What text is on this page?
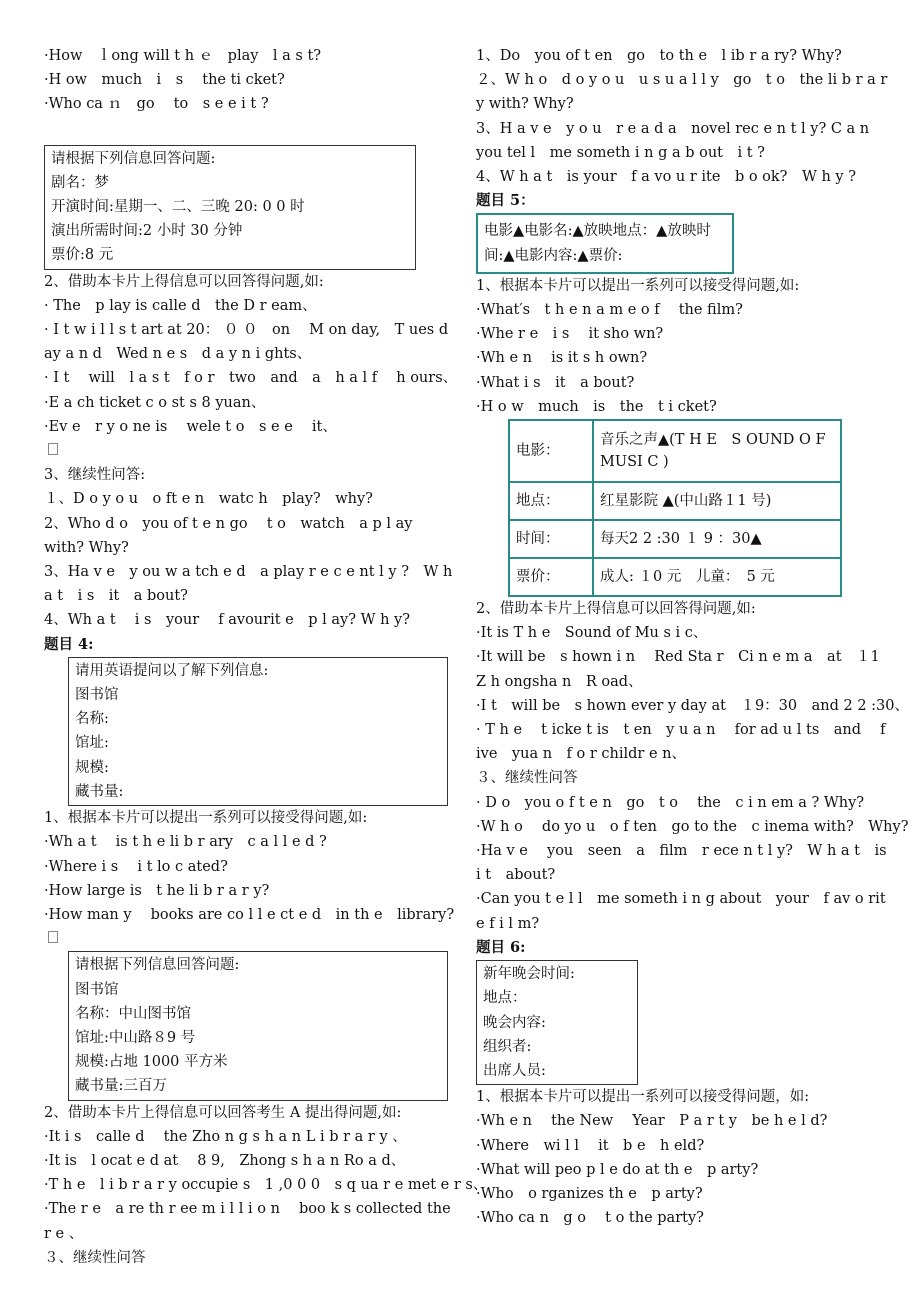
·How　ｌong will t h ｅ　play　l a s t?
·H ow　much　i　s　 the ti cket?
·Who ca ｎ　go　 to　s e e i t ?
请根据下列信息回答问题:
剧名：梦
开演时间:星期一、二、三晚 20: 0 0 时
演出所需时间:2 小时 30 分钟
票价:8 元
2、借助本卡片上得信息可以回答得问题,如:
· The　p lay is calle d　the D r eam、
· I t w i l l s t art at 20： ０ ０　on　 M on day,　T ues d ay a n d　Wed n e s　d a y n i ghts、
· I t　 will　l a s t　f o r　two　and　a　h a l f　 h ours、
·E a ch ticket c o st s 8 yuan、
·Ev e　r y o ne is　 wele t o　s e e　 it、
3、继续性问答:
１、D o y o u　o ft e n　watc h　play?　why?
2、Who d o　you of t e n go　 t o　watch　a p l ay with? Why?
3、Ha v e　y ou w a tch e d　a play r e c e nt l y ?　W h a t　i s　it　a bout?
4、Wh a t　 i s　your　 f avourit e　p l ay? W h y?
题目 4:
请用英语提问以了解下列信息:
图书馆
名称:
馆址:
规模:
藏书量:
1、根据本卡片可以提出一系列可以接受得问题,如:
·Wh a t　 is t h e li b r ary　c a l l e d ?
·Where i s　 i t lo c ated?
·How large is　t he li b r a r y?
·How man y　 books are co l l e ct e d　in th e　library?
请根据下列信息回答问题:
图书馆
名称：中山图书馆
馆址:中山路８9 号
规模:占地 1000 平方米
藏书量:三百万
2、借助本卡片上得信息可以回答考生 A 提出得问题,如:
·It i s　calle d　 the Zho n g s h a n L i b r a r y 、
·It is　l ocat e d at　 8 9,　Zhong s h a n Ro a d、
·T h e　l i b r a r y occupie s　1 ,0 0 0　s q ua r e met e r s、
·The r e　a re th r ee m i l l i o n　 boo k s collected the r e 、
３、继续性问答
1、Do　you of t en　go　to th e　l ib r a ry? Why?
２、W h o　d o y o u　u s u a l l y　go　t o　the li b r a r y with? Why?
3、H a v e　y o u　r e a d a　novel rec e n t l y? C a n you tel l　me someth i n g a b out　i t ?
4、W h a t　is your　f a vo u r ite　b o ok?　W h y ?
题目 5：
电影▲电影名:▲放映地点：▲放映时间:▲电影内容:▲票价:
1、根据本卡片可以提出一系列可以接受得问题,如:
·What′s　t h e n a m e o f　 the film?
·Whe r e　i s　 it sho wn?
·Wh e n　 is it s h own?
·What i s　it　a bout?
·H o w　much　is　the　t i cket?
电影：	音乐之声▲(T H E　S OUND O F MUSI C )
地点：	红星影院 ▲(中山路１1 号)
时间：	每天2 2 :30 １ 9 ：30▲
票价：	成人: １0 元　儿童：　5 元
2、借助本卡片上得信息可以回答得问题,如:
·It is T h e　Sound of Mu s i c、
·It will be　s hown i n　 Red Sta r　Ci n e m a　at　１1 Z h ongsha n　R oad、
·I t　will be　s hown ever y day at　１9：30　and 2 2 :30、
· T h e　 t icke t is　t en　y u a n　 for ad u l ts　and　 f ive　yua n　f o r childr e n、
３、继续性问答
· D o　you o f t e n　go　t o　 the　c i n em a ? Why?
·W h o　 do yo u　o f ten　go to the　c inema with?　Why?
·Ha v e　 you　seen　a　film　r ece n t l y?　W h a t　is　i t　about?
·Can you t e l l　me someth i n g about　your　f av o rit e f i l m?
题目 6:
新年晚会时间:
地点：
晚会内容:
组织者:
出席人员:
1、根据本卡片可以提出一系列可以接受得问题，如:
·Wh e n　 the New　 Year　P a r t y　be h e l d?
·Where　wi l l　 it　b e　h eld?
·What will peo p l e do at th e　p arty?
·Who　o rganizes th e　p arty?
·Who ca n　g o　 t o the party?
